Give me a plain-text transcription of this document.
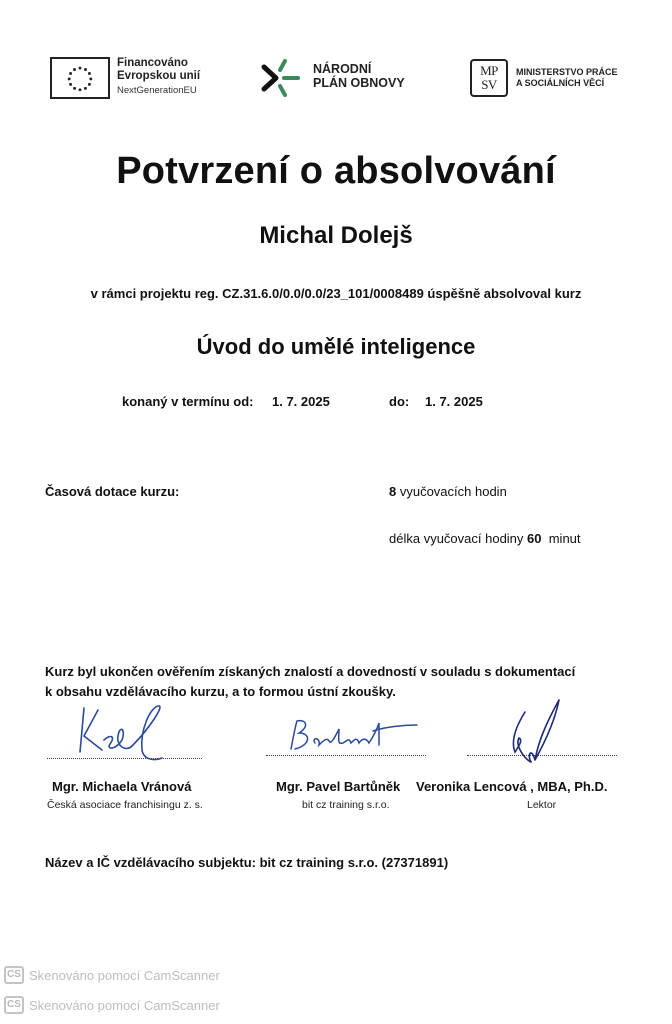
Financováno
Evropskou unií
NextGenerationEU
NÁRODNÍ
PLÁN OBNOVY
MP
SV
MINISTERSTVO PRÁCE
A SOCIÁLNÍCH VĚCÍ
Potvrzení o absolvování
Michal Dolejš
v rámci projektu reg. CZ.31.6.0/0.0/0.0/23_101/0008489 úspěšně absolvoval kurz
Úvod do umělé inteligence
konaný v termínu od: 1. 7. 2025	do: 1. 7. 2025
Časová dotace kurzu:	8 vyučovacích hodin
délka vyučovací hodiny 60  minut
Kurz byl ukončen ověřením získaných znalostí a dovedností v souladu s dokumentací
k obsahu vzdělávacího kurzu, a to formou ústní zkoušky.
Mgr. Michaela Vránová
Česká asociace franchisingu z. s.
Mgr. Pavel Bartůněk
bit cz training s.r.o.
Veronika Lencová , MBA, Ph.D.
Lektor
Název a IČ vzdělávacího subjektu: bit cz training s.r.o. (27371891)
CS Skenováno pomocí CamScanner
CS Skenováno pomocí CamScanner
